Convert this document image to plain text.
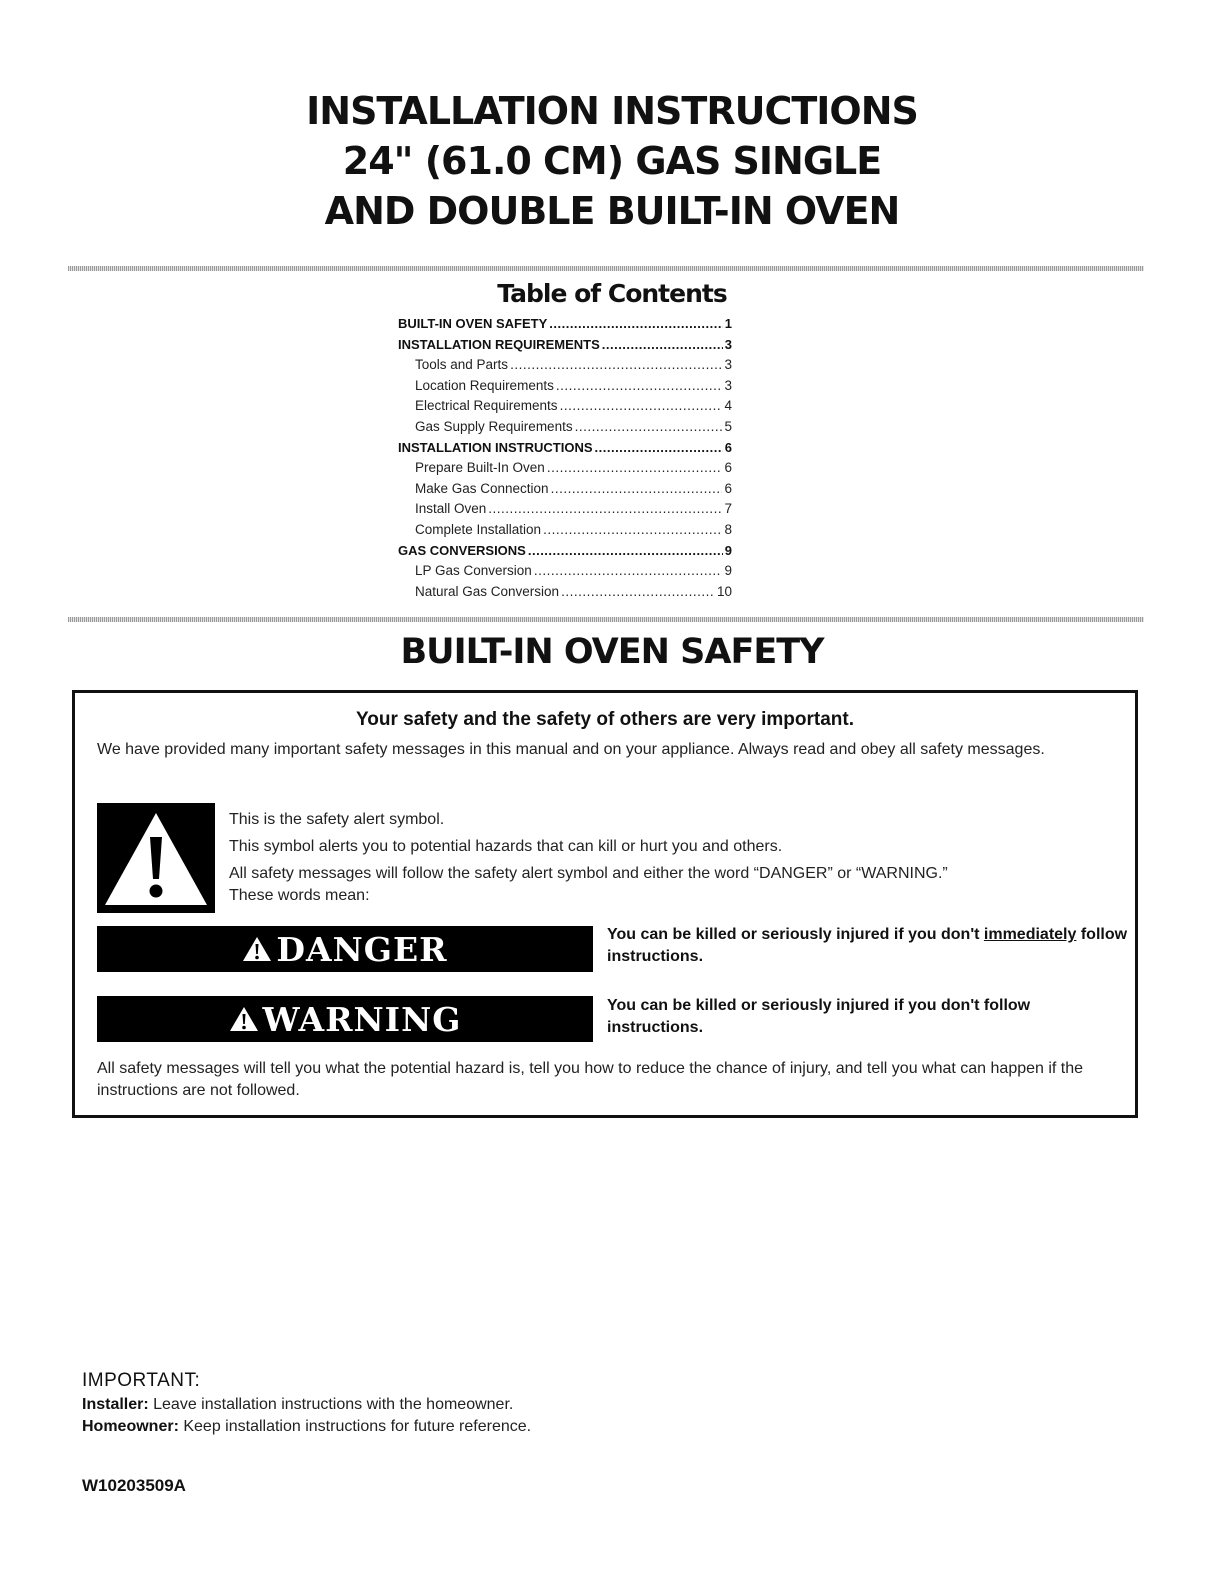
INSTALLATION INSTRUCTIONS
24" (61.0 CM) GAS SINGLE
AND DOUBLE BUILT-IN OVEN
Table of Contents
BUILT-IN OVEN SAFETY .....	1
INSTALLATION REQUIREMENTS .....	3
Tools and Parts .....	3
Location Requirements .....	3
Electrical Requirements .....	4
Gas Supply Requirements .....	5
INSTALLATION INSTRUCTIONS .....	6
Prepare Built-In Oven .....	6
Make Gas Connection .....	6
Install Oven .....	7
Complete Installation .....	8
GAS CONVERSIONS .....	9
LP Gas Conversion .....	9
Natural Gas Conversion .....	10
BUILT-IN OVEN SAFETY
Your safety and the safety of others are very important.
We have provided many important safety messages in this manual and on your appliance. Always read and obey all safety messages.
This is the safety alert symbol.
This symbol alerts you to potential hazards that can kill or hurt you and others.
All safety messages will follow the safety alert symbol and either the word “DANGER” or “WARNING.”
These words mean:
DANGER	You can be killed or seriously injured if you don't immediately follow instructions.
WARNING	You can be killed or seriously injured if you don't follow instructions.
All safety messages will tell you what the potential hazard is, tell you how to reduce the chance of injury, and tell you what can happen if the instructions are not followed.
IMPORTANT:
Installer: Leave installation instructions with the homeowner.
Homeowner: Keep installation instructions for future reference.
W10203509A
